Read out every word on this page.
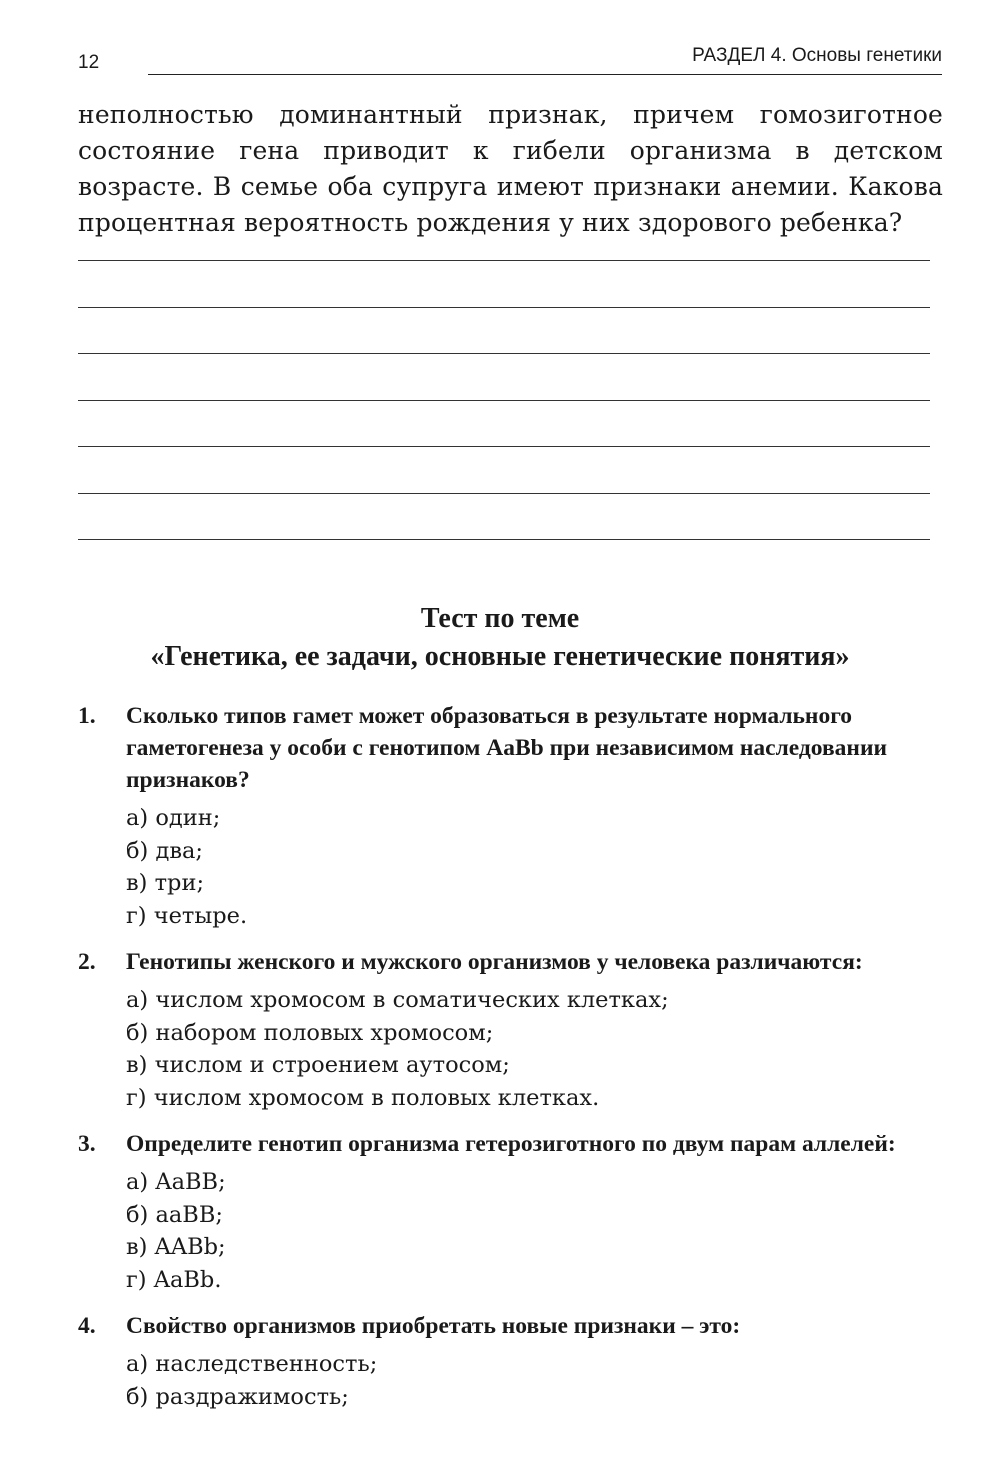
12	РАЗДЕЛ 4. Основы генетики

неполностью доминантный признак, причем гомозиготное состояние гена приводит к гибели организма в детском возрасте. В семье оба супруга имеют признаки анемии. Какова процентная вероятность рождения у них здорового ребенка?

Тест по теме
«Генетика, ее задачи, основные генетические понятия»
1.	Сколько типов гамет может образоваться в результате нормального гаметогенеза у особи с генотипом AaBb при независимом наследовании признаков?
а) один;
б) два;
в) три;
г) четыре.
2.	Генотипы женского и мужского организмов у человека различаются:
а) числом хромосом в соматических клетках;
б) набором половых хромосом;
в) числом и строением аутосом;
г) числом хромосом в половых клетках.
3.	Определите генотип организма гетерозиготного по двум парам аллелей:
а) AaBB;
б) aaBB;
в) AABb;
г) AaBb.
4.	Свойство организмов приобретать новые признаки – это:
а) наследственность;
б) раздражимость;
